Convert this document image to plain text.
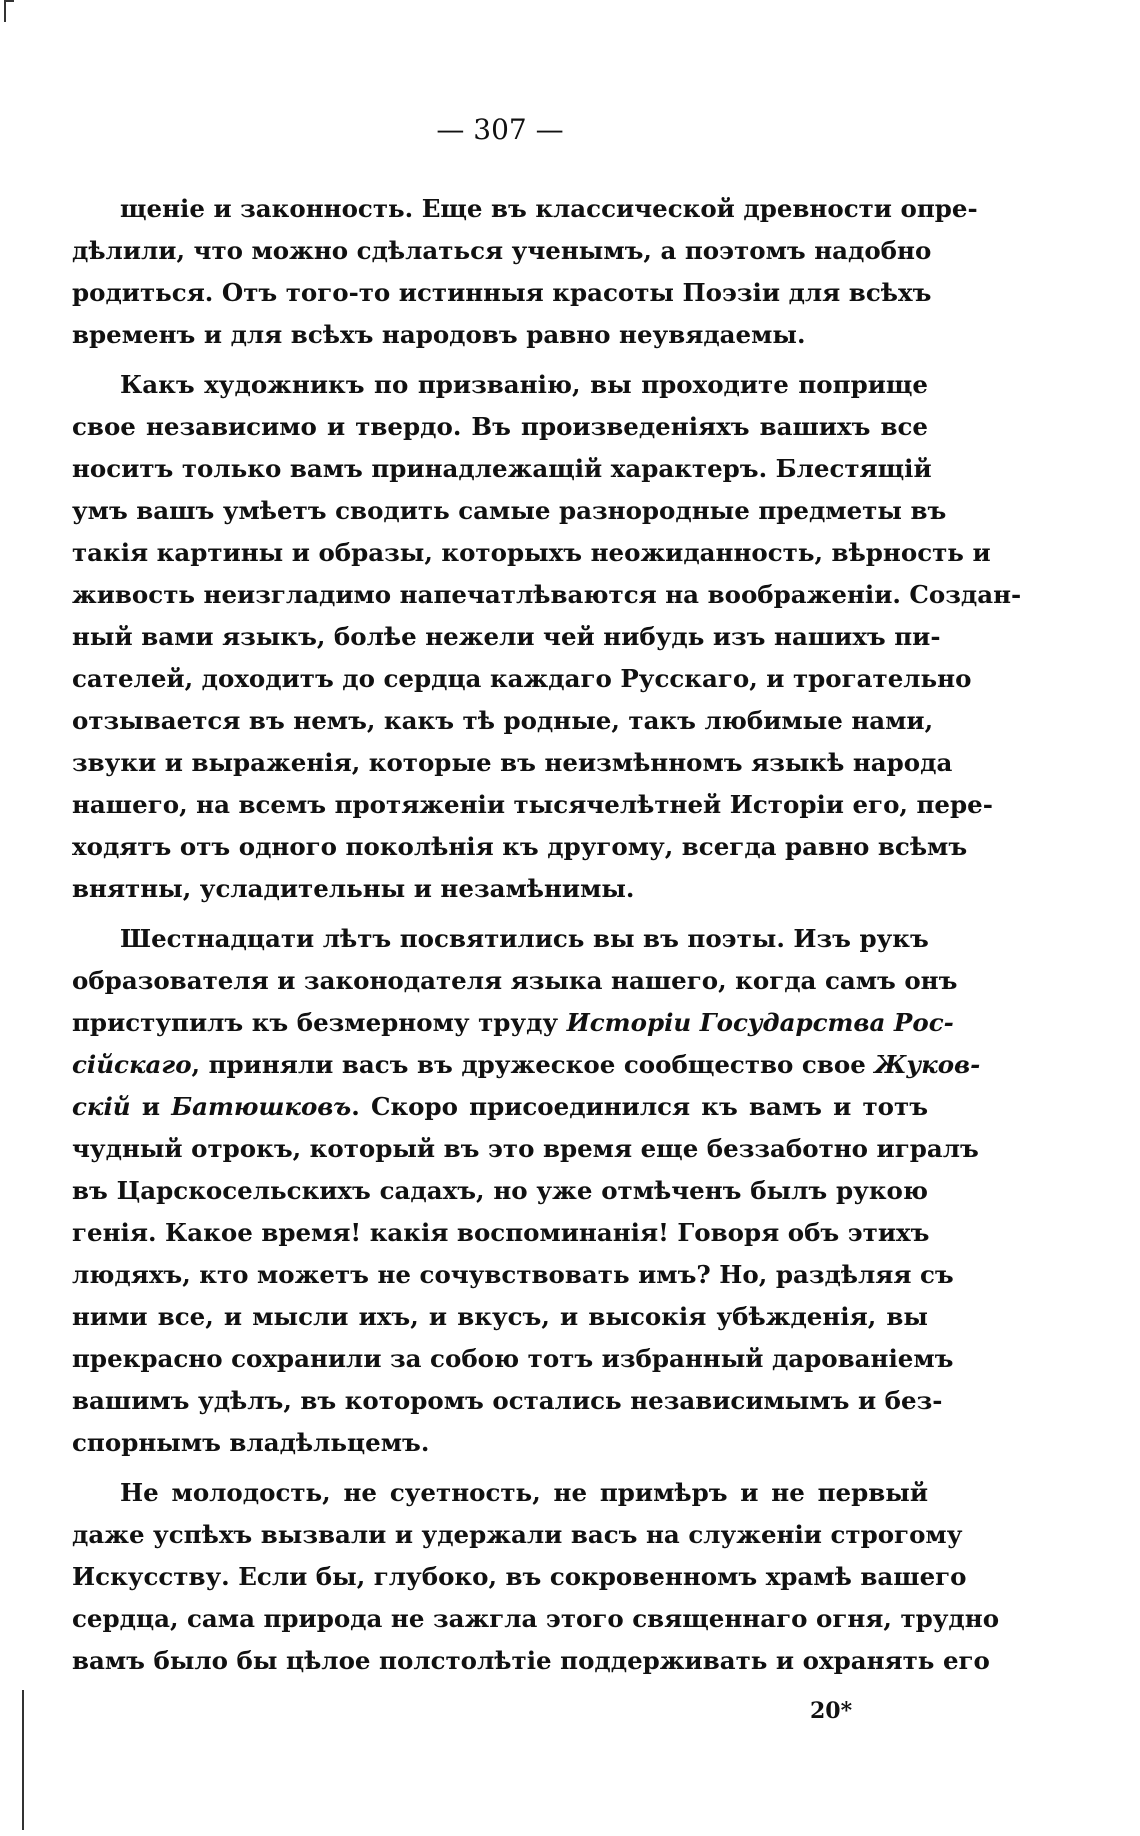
— 307 —

щеніе и законность. Еще въ классической древности опре-
дѣлили, что можно сдѣлаться ученымъ, а поэтомъ надобно
родиться. Отъ того-то истинныя красоты Поэзіи для всѣхъ
временъ и для всѣхъ народовъ равно неувядаемы.

Какъ художникъ по призванію, вы проходите поприще
свое независимо и твердо. Въ произведеніяхъ вашихъ все
носитъ только вамъ принадлежащій характеръ. Блестящій
умъ вашъ умѣетъ сводить самые разнородные предметы въ
такія картины и образы, которыхъ неожиданность, вѣрность и
живость неизгладимо напечатлѣваются на воображеніи. Создан-
ный вами языкъ, болѣе нежели чей нибудь изъ нашихъ пи-
сателей, доходитъ до сердца каждаго Русскаго, и трогательно
отзывается въ немъ, какъ тѣ родные, такъ любимые нами,
звуки и выраженія, которые въ неизмѣнномъ языкѣ народа
нашего, на всемъ протяженіи тысячелѣтней Исторіи его, пере-
ходятъ отъ одного поколѣнія къ другому, всегда равно всѣмъ
внятны, усладительны и незамѣнимы.

Шестнадцати лѣтъ посвятились вы въ поэты. Изъ рукъ
образователя и законодателя языка нашего, когда самъ онъ
приступилъ къ безмерному труду Исторіи Государства Рос-
сійскаго, приняли васъ въ дружеское сообщество свое Жуков-
скій и Батюшковъ. Скоро присоединился къ вамъ и тотъ
чудный отрокъ, который въ это время еще беззаботно игралъ
въ Царскосельскихъ садахъ, но уже отмѣченъ былъ рукою
генія. Какое время! какія воспоминанія! Говоря объ этихъ
людяхъ, кто можетъ не сочувствовать имъ? Но, раздѣляя съ
ними все, и мысли ихъ, и вкусъ, и высокія убѣжденія, вы
прекрасно сохранили за собою тотъ избранный дарованіемъ
вашимъ удѣлъ, въ которомъ остались независимымъ и без-
спорнымъ владѣльцемъ.

Не молодость, не суетность, не примѣръ и не первый
даже успѣхъ вызвали и удержали васъ на служеніи строгому
Искусству. Если бы, глубоко, въ сокровенномъ храмѣ вашего
сердца, сама природа не зажгла этого священнаго огня, трудно
вамъ было бы цѣлое полстолѣтіе поддерживать и охранять его

20*
